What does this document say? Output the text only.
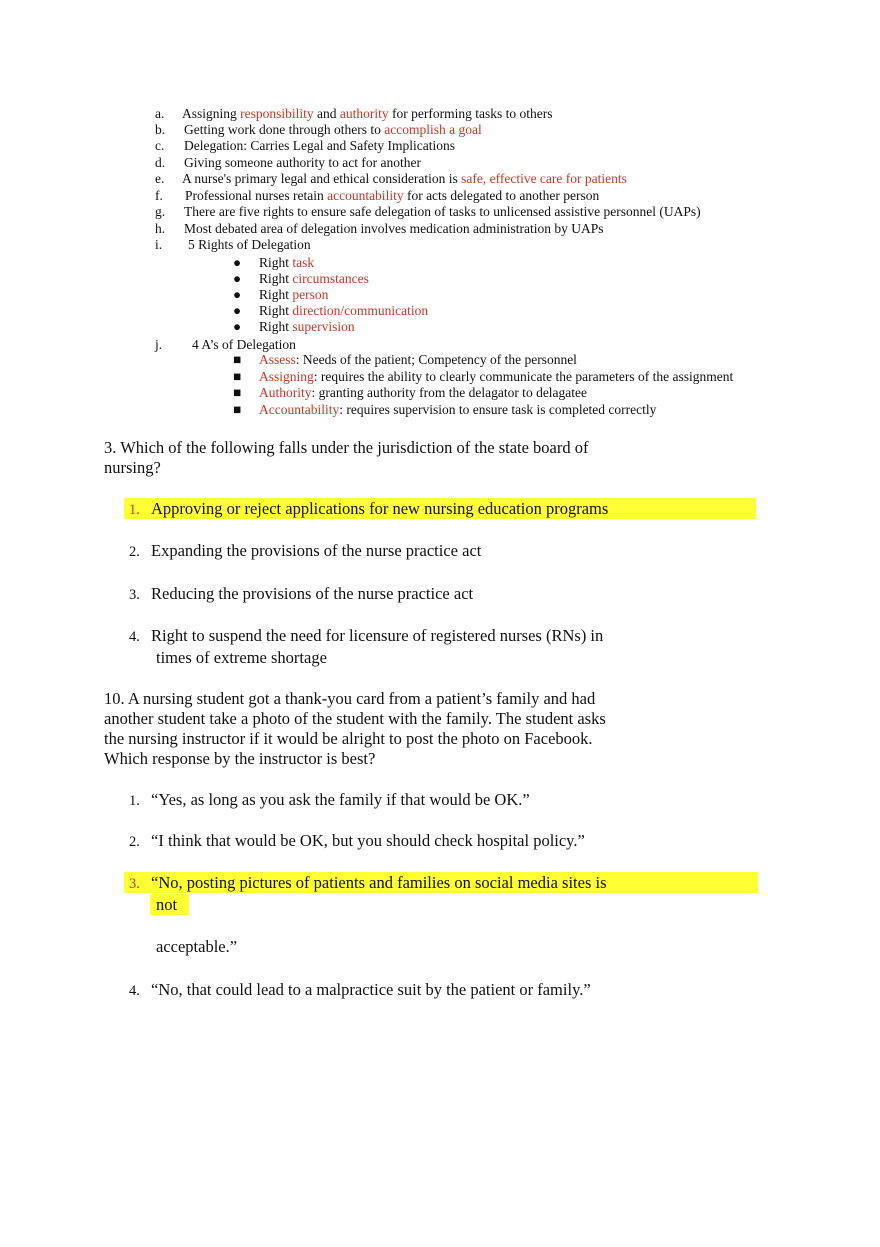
a. Assigning responsibility and authority for performing tasks to others
b. Getting work done through others to accomplish a goal
c. Delegation: Carries Legal and Safety Implications
d. Giving someone authority to act for another
e. A nurse's primary legal and ethical consideration is safe, effective care for patients
f. Professional nurses retain accountability for acts delegated to another person
g. There are five rights to ensure safe delegation of tasks to unlicensed assistive personnel (UAPs)
h. Most debated area of delegation involves medication administration by UAPs
i. 5 Rights of Delegation
● Right task
● Right circumstances
● Right person
● Right direction/communication
● Right supervision
j. 4 A’s of Delegation
■ Assess: Needs of the patient; Competency of the personnel
■ Assigning: requires the ability to clearly communicate the parameters of the assignment
■ Authority: granting authority from the delagator to delagatee
■ Accountability: requires supervision to ensure task is completed correctly
3. Which of the following falls under the jurisdiction of the state board of
nursing?
1. Approving or reject applications for new nursing education programs
2. Expanding the provisions of the nurse practice act
3. Reducing the provisions of the nurse practice act
4. Right to suspend the need for licensure of registered nurses (RNs) in
times of extreme shortage
10. A nursing student got a thank-you card from a patient’s family and had
another student take a photo of the student with the family. The student asks
the nursing instructor if it would be alright to post the photo on Facebook.
Which response by the instructor is best?
1. “Yes, as long as you ask the family if that would be OK.”
2. “I think that would be OK, but you should check hospital policy.”
3. “No, posting pictures of patients and families on social media sites is
not
acceptable.”
4. “No, that could lead to a malpractice suit by the patient or family.”
